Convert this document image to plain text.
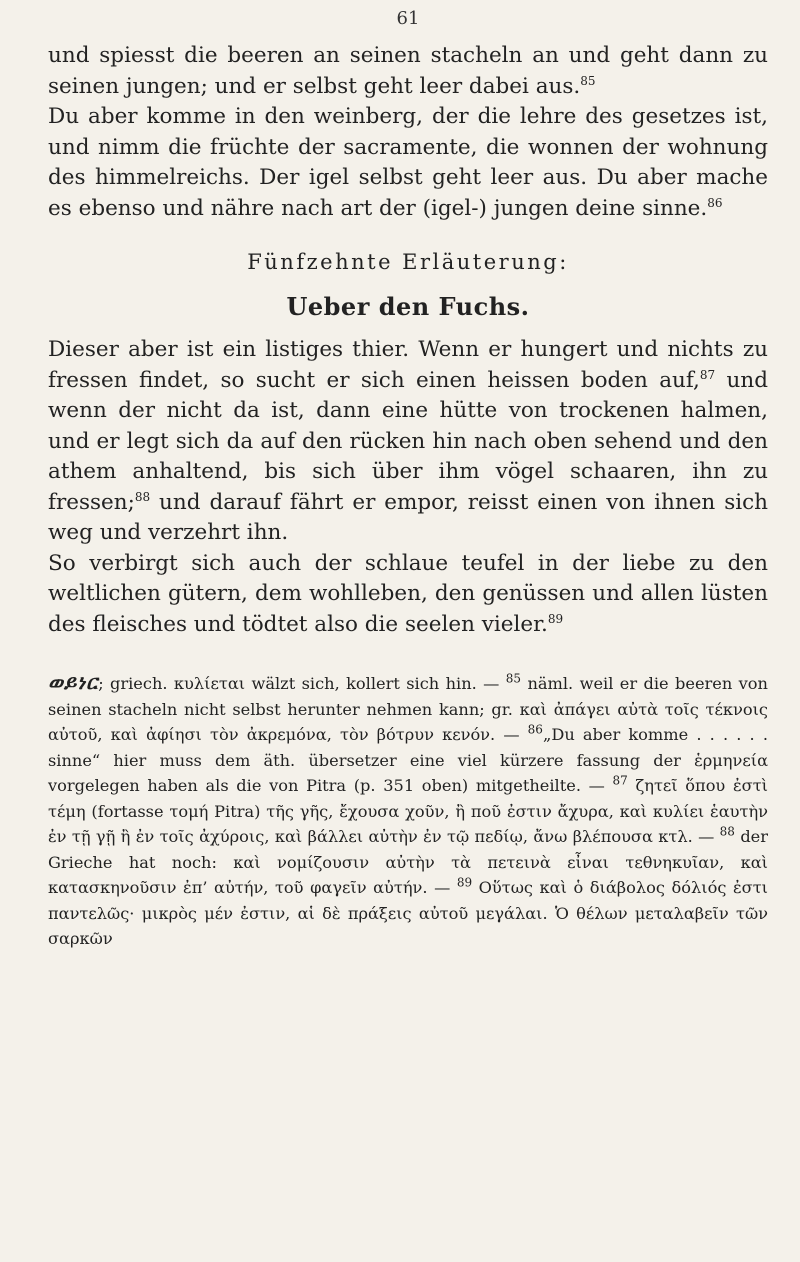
61

und spiesst die beeren an seinen stacheln an und geht dann zu seinen jungen; und er selbst geht leer dabei aus.$^{85}$

Du aber komme in den weinberg, der die lehre des gesetzes ist, und nimm die früchte der sacramente, die wonnen der wohnung des himmelreichs. Der igel selbst geht leer aus. Du aber mache es ebenso und nähre nach art der (igel-) jungen deine sinne.$^{86}$

Fünfzehnte Erläuterung:
Ueber den Fuchs.

Dieser aber ist ein listiges thier. Wenn er hungert und nichts zu fressen findet, so sucht er sich einen heissen boden auf,$^{87}$ und wenn der nicht da ist, dann eine hütte von trockenen halmen, und er legt sich da auf den rücken hin nach oben sehend und den athem anhaltend, bis sich über ihm vögel schaaren, ihn zu fressen;$^{88}$ und darauf fährt er empor, reisst einen von ihnen sich weg und verzehrt ihn.

So verbirgt sich auch der schlaue teufel in der liebe zu den weltlichen gütern, dem wohlleben, den genüssen und allen lüsten des fleisches und tödtet also die seelen vieler.$^{89}$

ወይነር; griech. κυλίεται wälzt sich, kollert sich hin. — $^{85}$ näml. weil er die beeren von seinen stacheln nicht selbst herunter nehmen kann; gr. καὶ ἀπάγει αὐτὰ τοῖς τέκνοις αὐτοῦ, καὶ ἀφίησι τὸν ἀκρεμόνα, τὸν βότρυν κενόν. — $^{86}$„Du aber komme . . . . . . sinne“ hier muss dem äth. übersetzer eine viel kürzere fassung der ἑρμηνεία vorgelegen haben als die von Pitra (p. 351 oben) mitgetheilte. — $^{87}$ ζητεῖ ὅπου ἐστὶ τέμη (fortasse τομή Pitra) τῆς γῆς, ἔχουσα χοῦν, ἢ ποῦ ἐστιν ἄχυρα, καὶ κυλίει ἑαυτὴν ἐν τῇ γῇ ἢ ἐν τοῖς ἀχύροις, καὶ βάλλει αὐτὴν ἐν τῷ πεδίῳ, ἄνω βλέπουσα κτλ. — $^{88}$ der Grieche hat noch: καὶ νομίζουσιν αὐτὴν τὰ πετεινὰ εἶναι τεθνηκυῖαν, καὶ κατασκηνοῦσιν ἐπ’ αὐτήν, τοῦ φαγεῖν αὐτήν. — $^{89}$ Οὕτως καὶ ὁ διάβολος δόλιός ἐστι παντελῶς· μικρὸς μέν ἐστιν, αἱ δὲ πράξεις αὐτοῦ μεγάλαι. Ὁ θέλων μεταλαβεῖν τῶν σαρκῶν
